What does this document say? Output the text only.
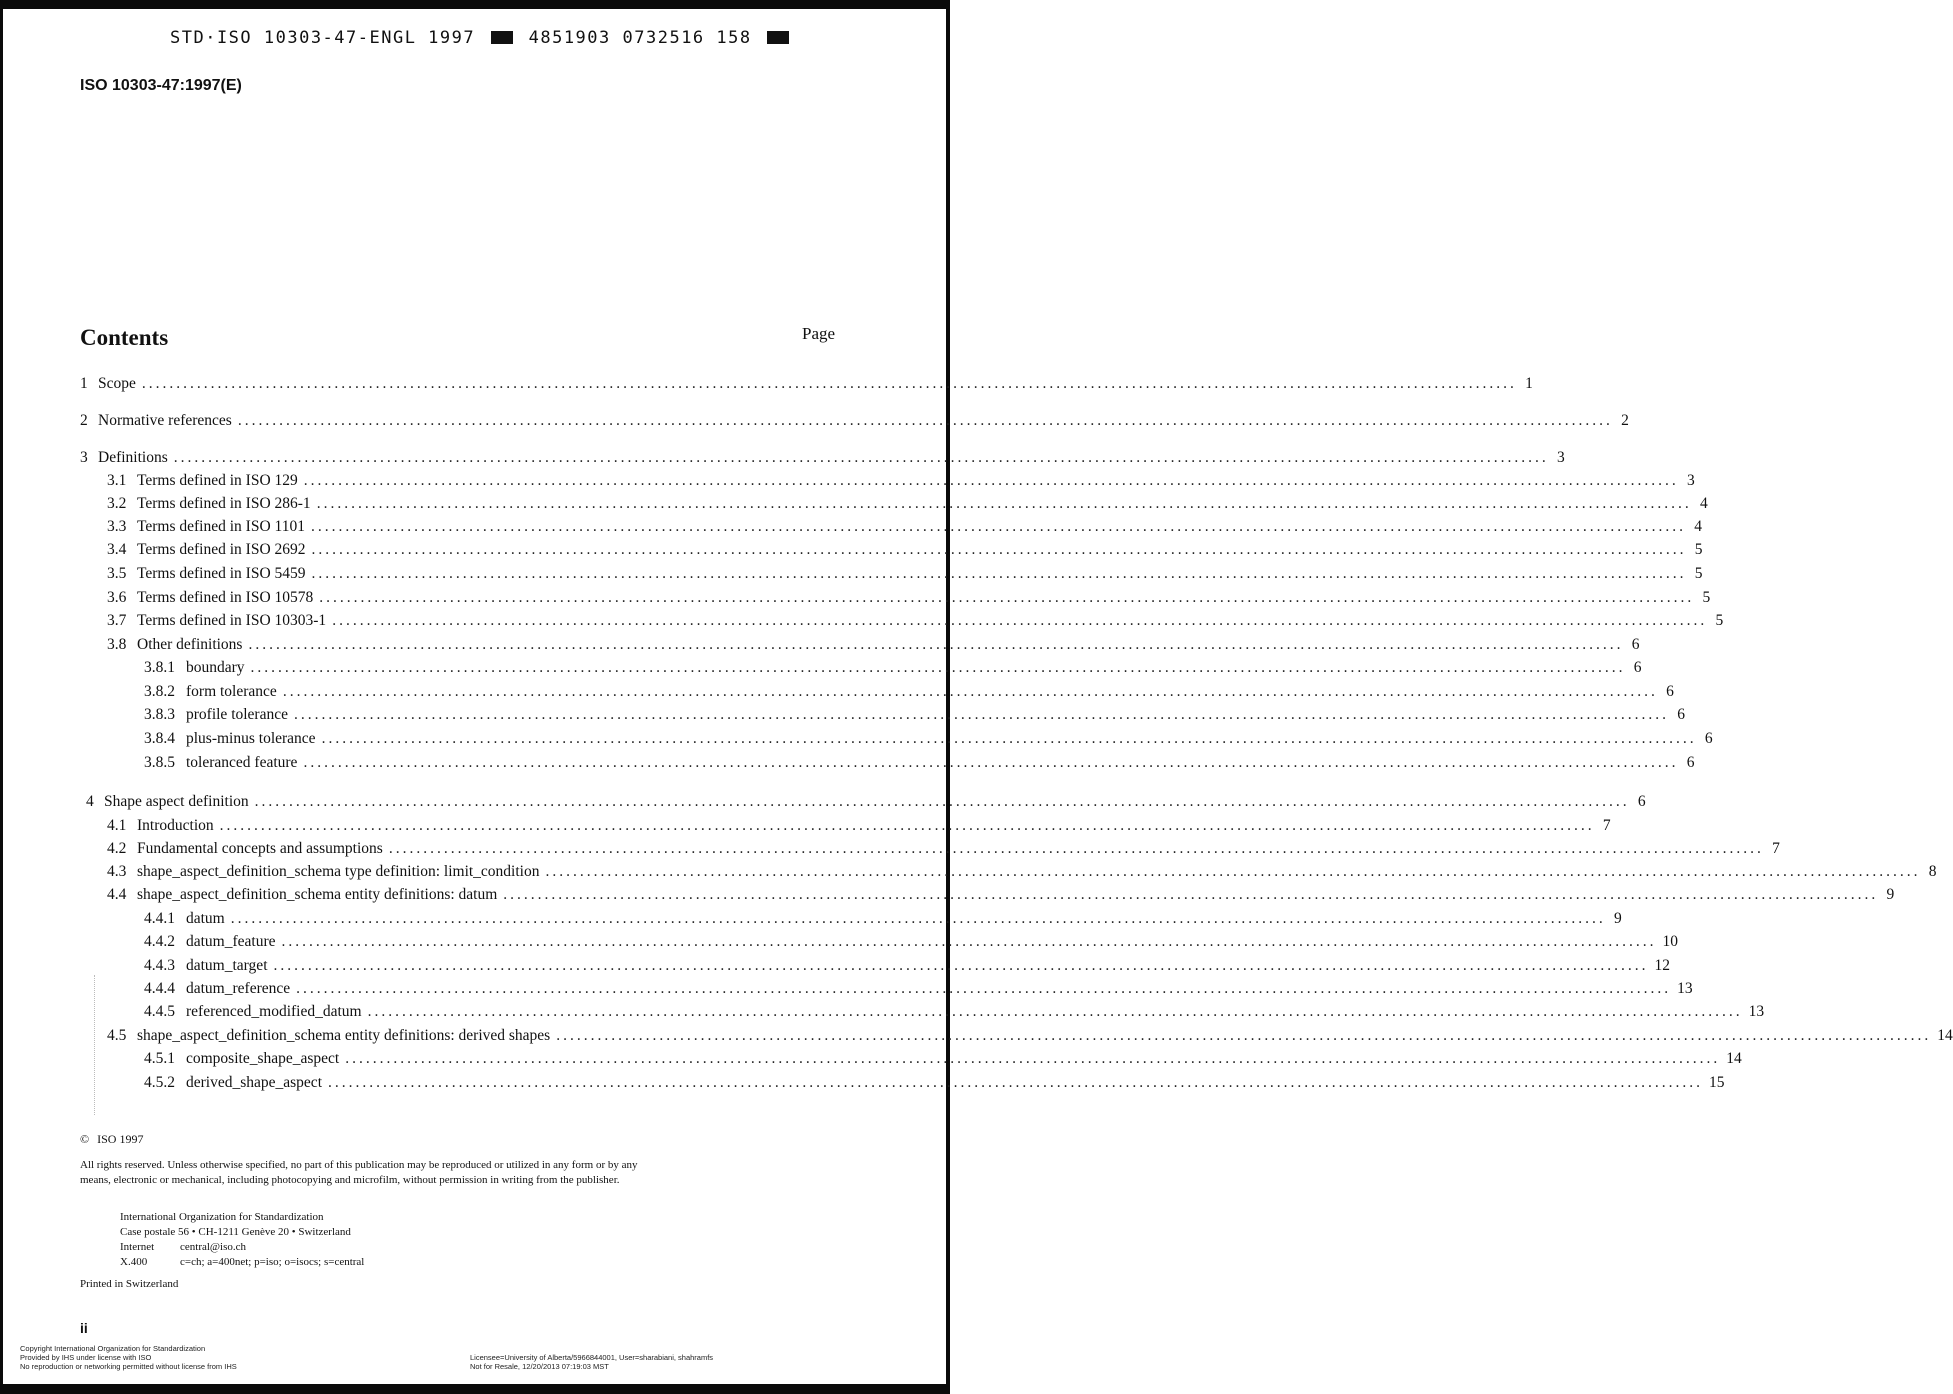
STD·ISO 10303-47-ENGL 1997	4851903 0732516 158
ISO 10303-47:1997(E)
Contents	Page
1 Scope ........................................................................................................................................................................................................ 1
2 Normative references ........................................................................................................................................................................................................ 2
3 Definitions ........................................................................................................................................................................................................ 3
3.1 Terms defined in ISO 129 ........................................................................................................................................................................................................ 3
3.2 Terms defined in ISO 286-1 ........................................................................................................................................................................................................ 4
3.3 Terms defined in ISO 1101 ........................................................................................................................................................................................................ 4
3.4 Terms defined in ISO 2692 ........................................................................................................................................................................................................ 5
3.5 Terms defined in ISO 5459 ........................................................................................................................................................................................................ 5
3.6 Terms defined in ISO 10578 ........................................................................................................................................................................................................ 5
3.7 Terms defined in ISO 10303-1 ........................................................................................................................................................................................................ 5
3.8 Other definitions ........................................................................................................................................................................................................ 6
3.8.1 boundary ........................................................................................................................................................................................................ 6
3.8.2 form tolerance ........................................................................................................................................................................................................ 6
3.8.3 profile tolerance ........................................................................................................................................................................................................ 6
3.8.4 plus-minus tolerance ........................................................................................................................................................................................................ 6
3.8.5 toleranced feature ........................................................................................................................................................................................................ 6
4 Shape aspect definition ........................................................................................................................................................................................................ 6
4.1 Introduction ........................................................................................................................................................................................................ 7
4.2 Fundamental concepts and assumptions ........................................................................................................................................................................................................ 7
4.3 shape_aspect_definition_schema type definition: limit_condition ........................................................................................................................................................................................................ 8
4.4 shape_aspect_definition_schema entity definitions: datum ........................................................................................................................................................................................................ 9
4.4.1 datum ........................................................................................................................................................................................................ 9
4.4.2 datum_feature ........................................................................................................................................................................................................ 10
4.4.3 datum_target ........................................................................................................................................................................................................ 12
4.4.4 datum_reference ........................................................................................................................................................................................................ 13
4.4.5 referenced_modified_datum ........................................................................................................................................................................................................ 13
4.5 shape_aspect_definition_schema entity definitions: derived shapes ........................................................................................................................................................................................................ 14
4.5.1 composite_shape_aspect ........................................................................................................................................................................................................ 14
4.5.2 derived_shape_aspect ........................................................................................................................................................................................................ 15
© ISO 1997
All rights reserved. Unless otherwise specified, no part of this publication may be reproduced or utilized in any form or by any means, electronic or mechanical, including photocopying and microfilm, without permission in writing from the publisher.
International Organization for Standardization
Case postale 56 • CH-1211 Genève 20 • Switzerland
Internet	central@iso.ch
X.400	c=ch; a=400net; p=iso; o=isocs; s=central
Printed in Switzerland
ii
Copyright International Organization for Standardization
Provided by IHS under license with ISO
No reproduction or networking permitted without license from IHS
Licensee=University of Alberta/5966844001, User=sharabiani, shahramfs
Not for Resale, 12/20/2013 07:19:03 MST
